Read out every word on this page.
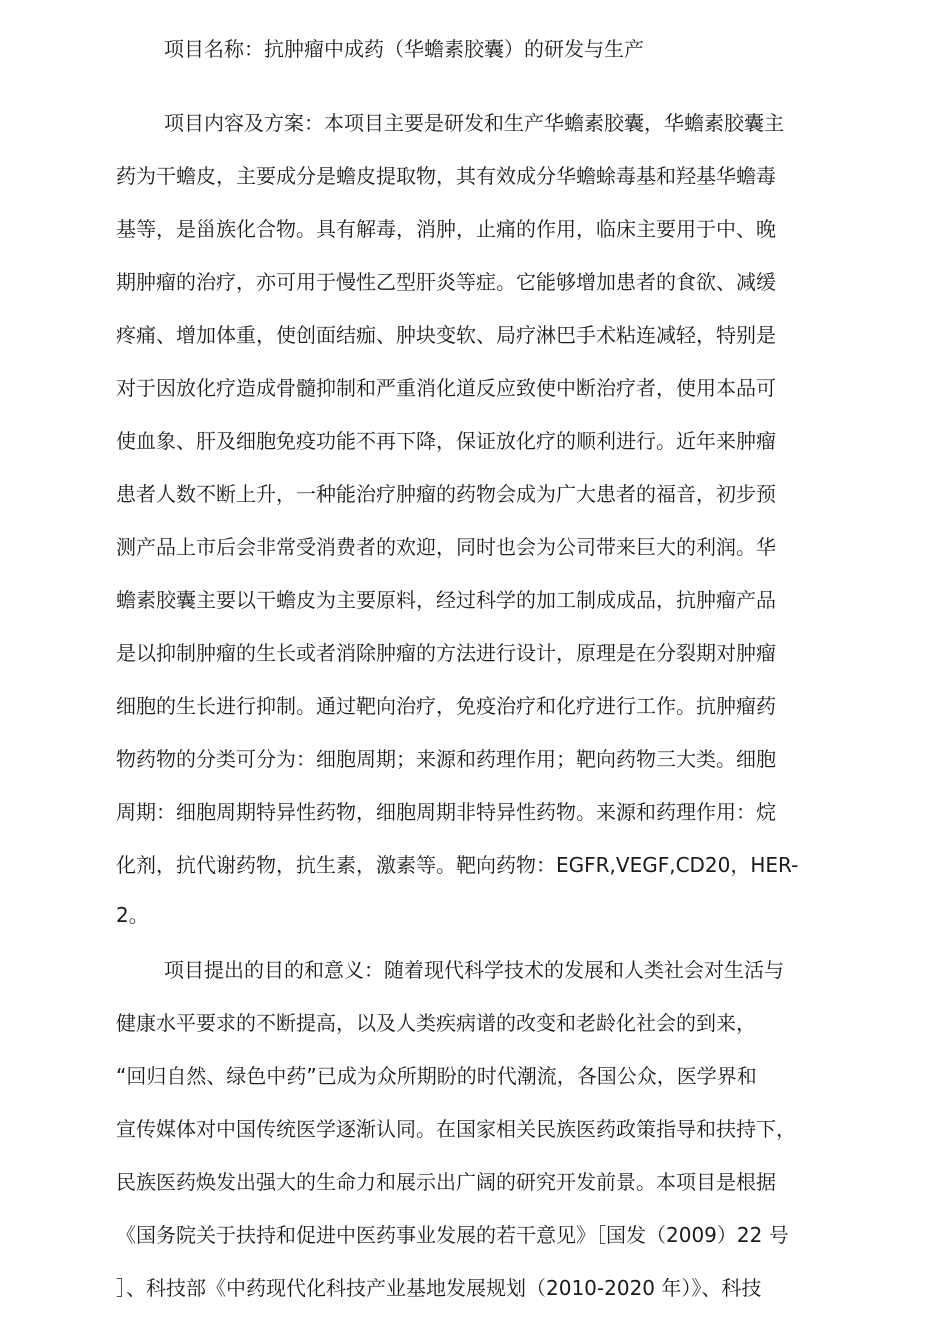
项目名称：抗肿瘤中成药（华蟾素胶囊）的研发与生产

项目内容及方案：本项目主要是研发和生产华蟾素胶囊，华蟾素胶囊主

药为干蟾皮，主要成分是蟾皮提取物，其有效成分华蟾蜍毒基和羟基华蟾毒

基等，是甾族化合物。具有解毒，消肿，止痛的作用，临床主要用于中、晚

期肿瘤的治疗，亦可用于慢性乙型肝炎等症。它能够增加患者的食欲、减缓

疼痛、增加体重，使创面结痂、肿块变软、局疗淋巴手术粘连减轻，特别是

对于因放化疗造成骨髓抑制和严重消化道反应致使中断治疗者，使用本品可

使血象、肝及细胞免疫功能不再下降，保证放化疗的顺利进行。近年来肿瘤

患者人数不断上升，一种能治疗肿瘤的药物会成为广大患者的福音，初步预

测产品上市后会非常受消费者的欢迎，同时也会为公司带来巨大的利润。华

蟾素胶囊主要以干蟾皮为主要原料，经过科学的加工制成成品，抗肿瘤产品

是以抑制肿瘤的生长或者消除肿瘤的方法进行设计，原理是在分裂期对肿瘤

细胞的生长进行抑制。通过靶向治疗，免疫治疗和化疗进行工作。抗肿瘤药

物药物的分类可分为：细胞周期；来源和药理作用；靶向药物三大类。细胞

周期：细胞周期特异性药物，细胞周期非特异性药物。来源和药理作用：烷

化剂，抗代谢药物，抗生素，激素等。靶向药物：EGFR,VEGF,CD20，HER-

2。

项目提出的目的和意义：随着现代科学技术的发展和人类社会对生活与

健康水平要求的不断提高，以及人类疾病谱的改变和老龄化社会的到来，

“回归自然、绿色中药”已成为众所期盼的时代潮流，各国公众，医学界和

宣传媒体对中国传统医学逐渐认同。在国家相关民族医药政策指导和扶持下，

民族医药焕发出强大的生命力和展示出广阔的研究开发前景。本项目是根据

《国务院关于扶持和促进中医药事业发展的若干意见》［国发（2009）22 号

］、科技部《中药现代化科技产业基地发展规划（2010-2020 年）》、科技
